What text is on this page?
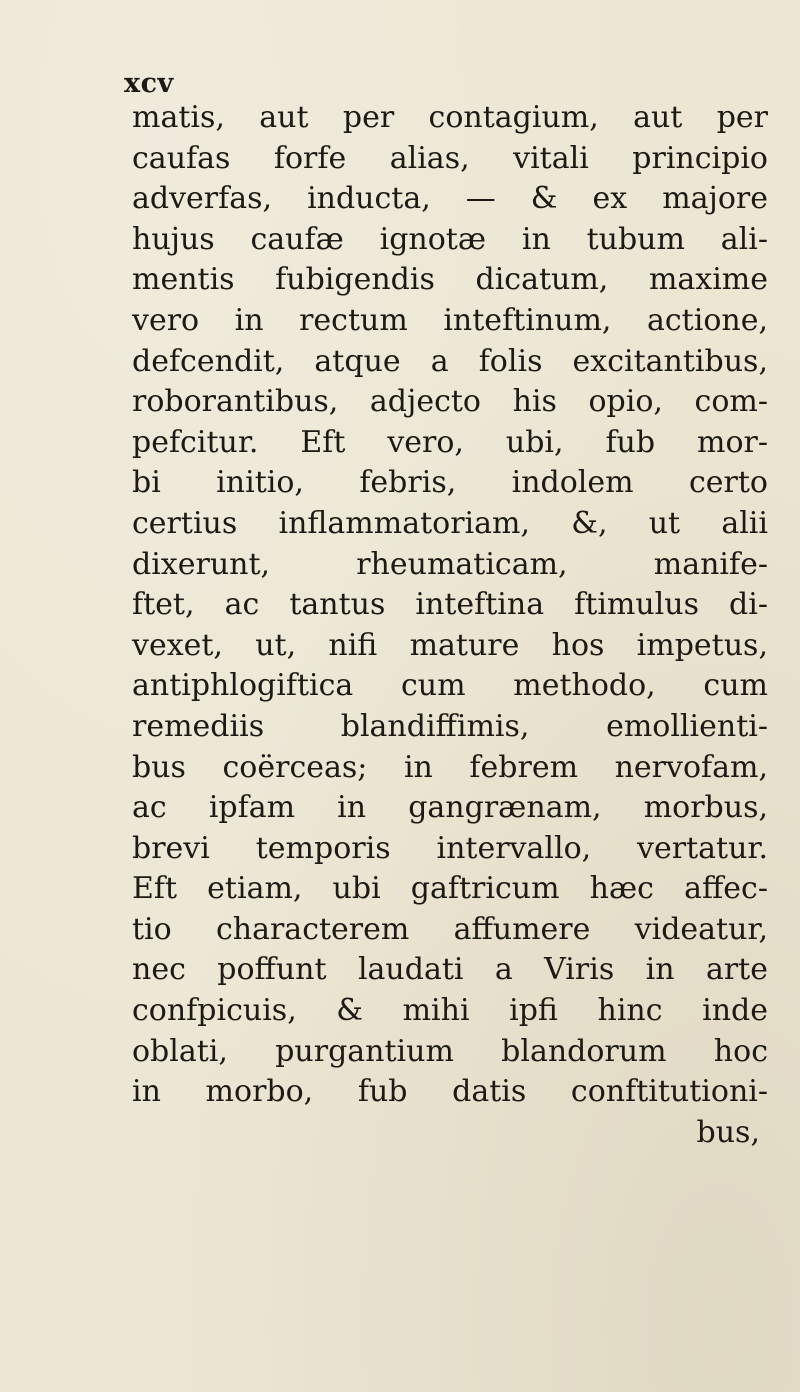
xcv
matis, aut per contagium, aut per
caufas forfe alias, vitali principio
adverfas, inducta, — & ex majore
hujus caufæ ignotæ in tubum ali-
mentis fubigendis dicatum, maxime
vero in rectum inteftinum, actione,
defcendit, atque a folis excitantibus,
roborantibus, adjecto his opio, com-
pefcitur. Eft vero, ubi, fub mor-
bi initio, febris, indolem certo
certius inflammatoriam, &, ut alii
dixerunt, rheumaticam, manife-
ftet, ac tantus inteftina ftimulus di-
vexet, ut, nifi mature hos impetus,
antiphlogiftica cum methodo, cum
remediis blandiffimis, emollienti-
bus coërceas; in febrem nervofam,
ac ipfam in gangrænam, morbus,
brevi temporis intervallo, vertatur.
Eft etiam, ubi gaftricum hæc affec-
tio characterem affumere videatur,
nec poffunt laudati a Viris in arte
confpicuis, & mihi ipfi hinc inde
oblati, purgantium blandorum hoc
in morbo, fub datis conftitutioni-
bus,
